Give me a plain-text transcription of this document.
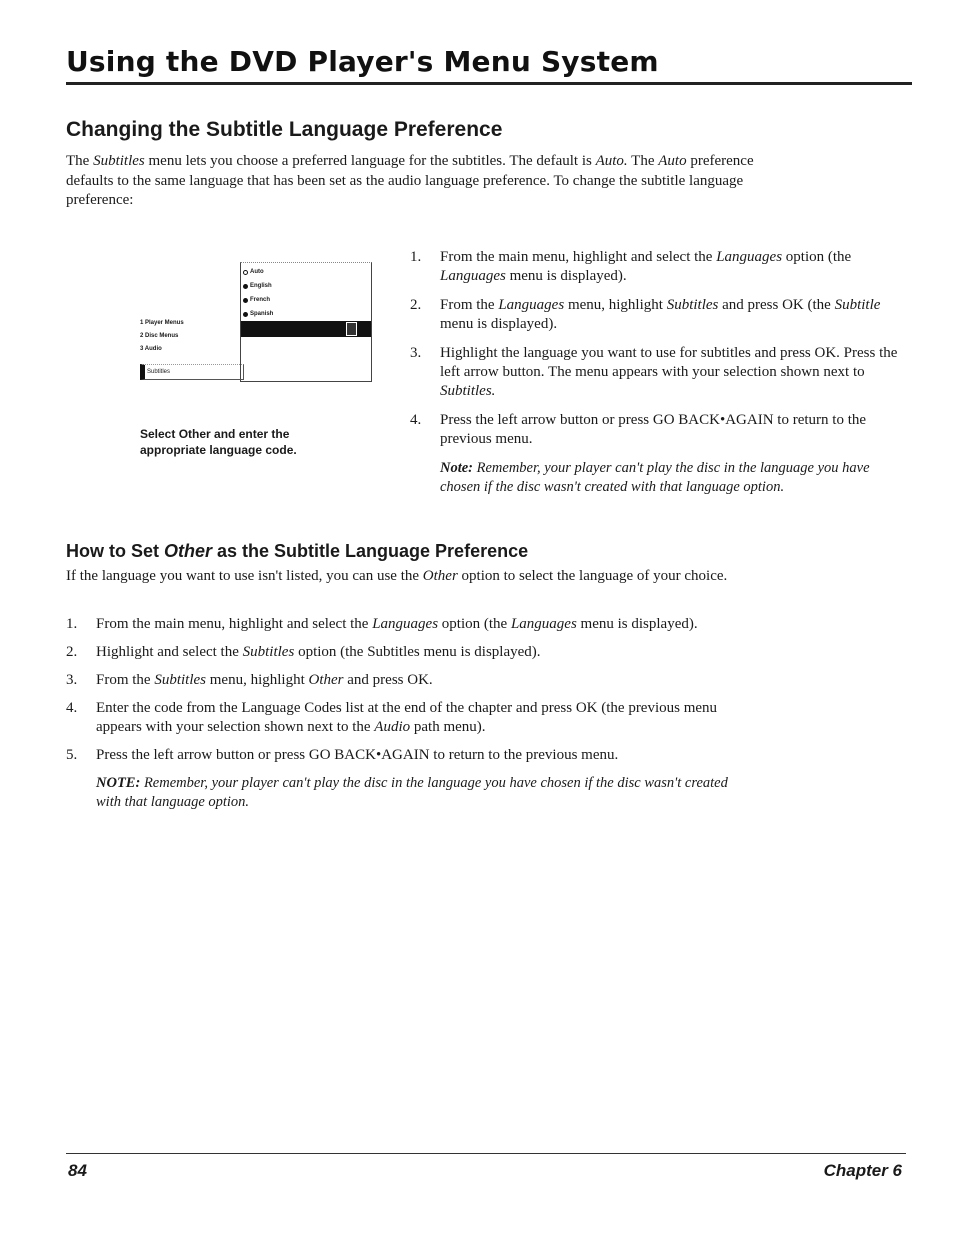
Using the DVD Player's Menu System
Changing the Subtitle Language Preference

The Subtitles menu lets you choose a preferred language for the subtitles. The default is Auto. The Auto preference defaults to the same language that has been set as the audio language preference. To change the subtitle language preference:

Auto
English
French
Spanish
1 Player Menus
2 Disc Menus
3 Audio
Subtitles

Select Other and enter the appropriate language code.

1. From the main menu, highlight and select the Languages option (the Languages menu is displayed).
2. From the Languages menu, highlight Subtitles and press OK (the Subtitle menu is displayed).
3. Highlight the language you want to use for subtitles and press OK. Press the left arrow button. The menu appears with your selection shown next to Subtitles.
4. Press the left arrow button or press GO BACK•AGAIN to return to the previous menu.
Note: Remember, your player can't play the disc in the language you have chosen if the disc wasn't created with that language option.
How to Set Other as the Subtitle Language Preference

If the language you want to use isn't listed, you can use the Other option to select the language of your choice.

1. From the main menu, highlight and select the Languages option (the Languages menu is displayed).
2. Highlight and select the Subtitles option (the Subtitles menu is displayed).
3. From the Subtitles menu, highlight Other and press OK.
4. Enter the code from the Language Codes list at the end of the chapter and press OK (the previous menu appears with your selection shown next to the Audio path menu).
5. Press the left arrow button or press GO BACK•AGAIN to return to the previous menu.
NOTE: Remember, your player can't play the disc in the language you have chosen if the disc wasn't created with that language option.
84	Chapter 6
